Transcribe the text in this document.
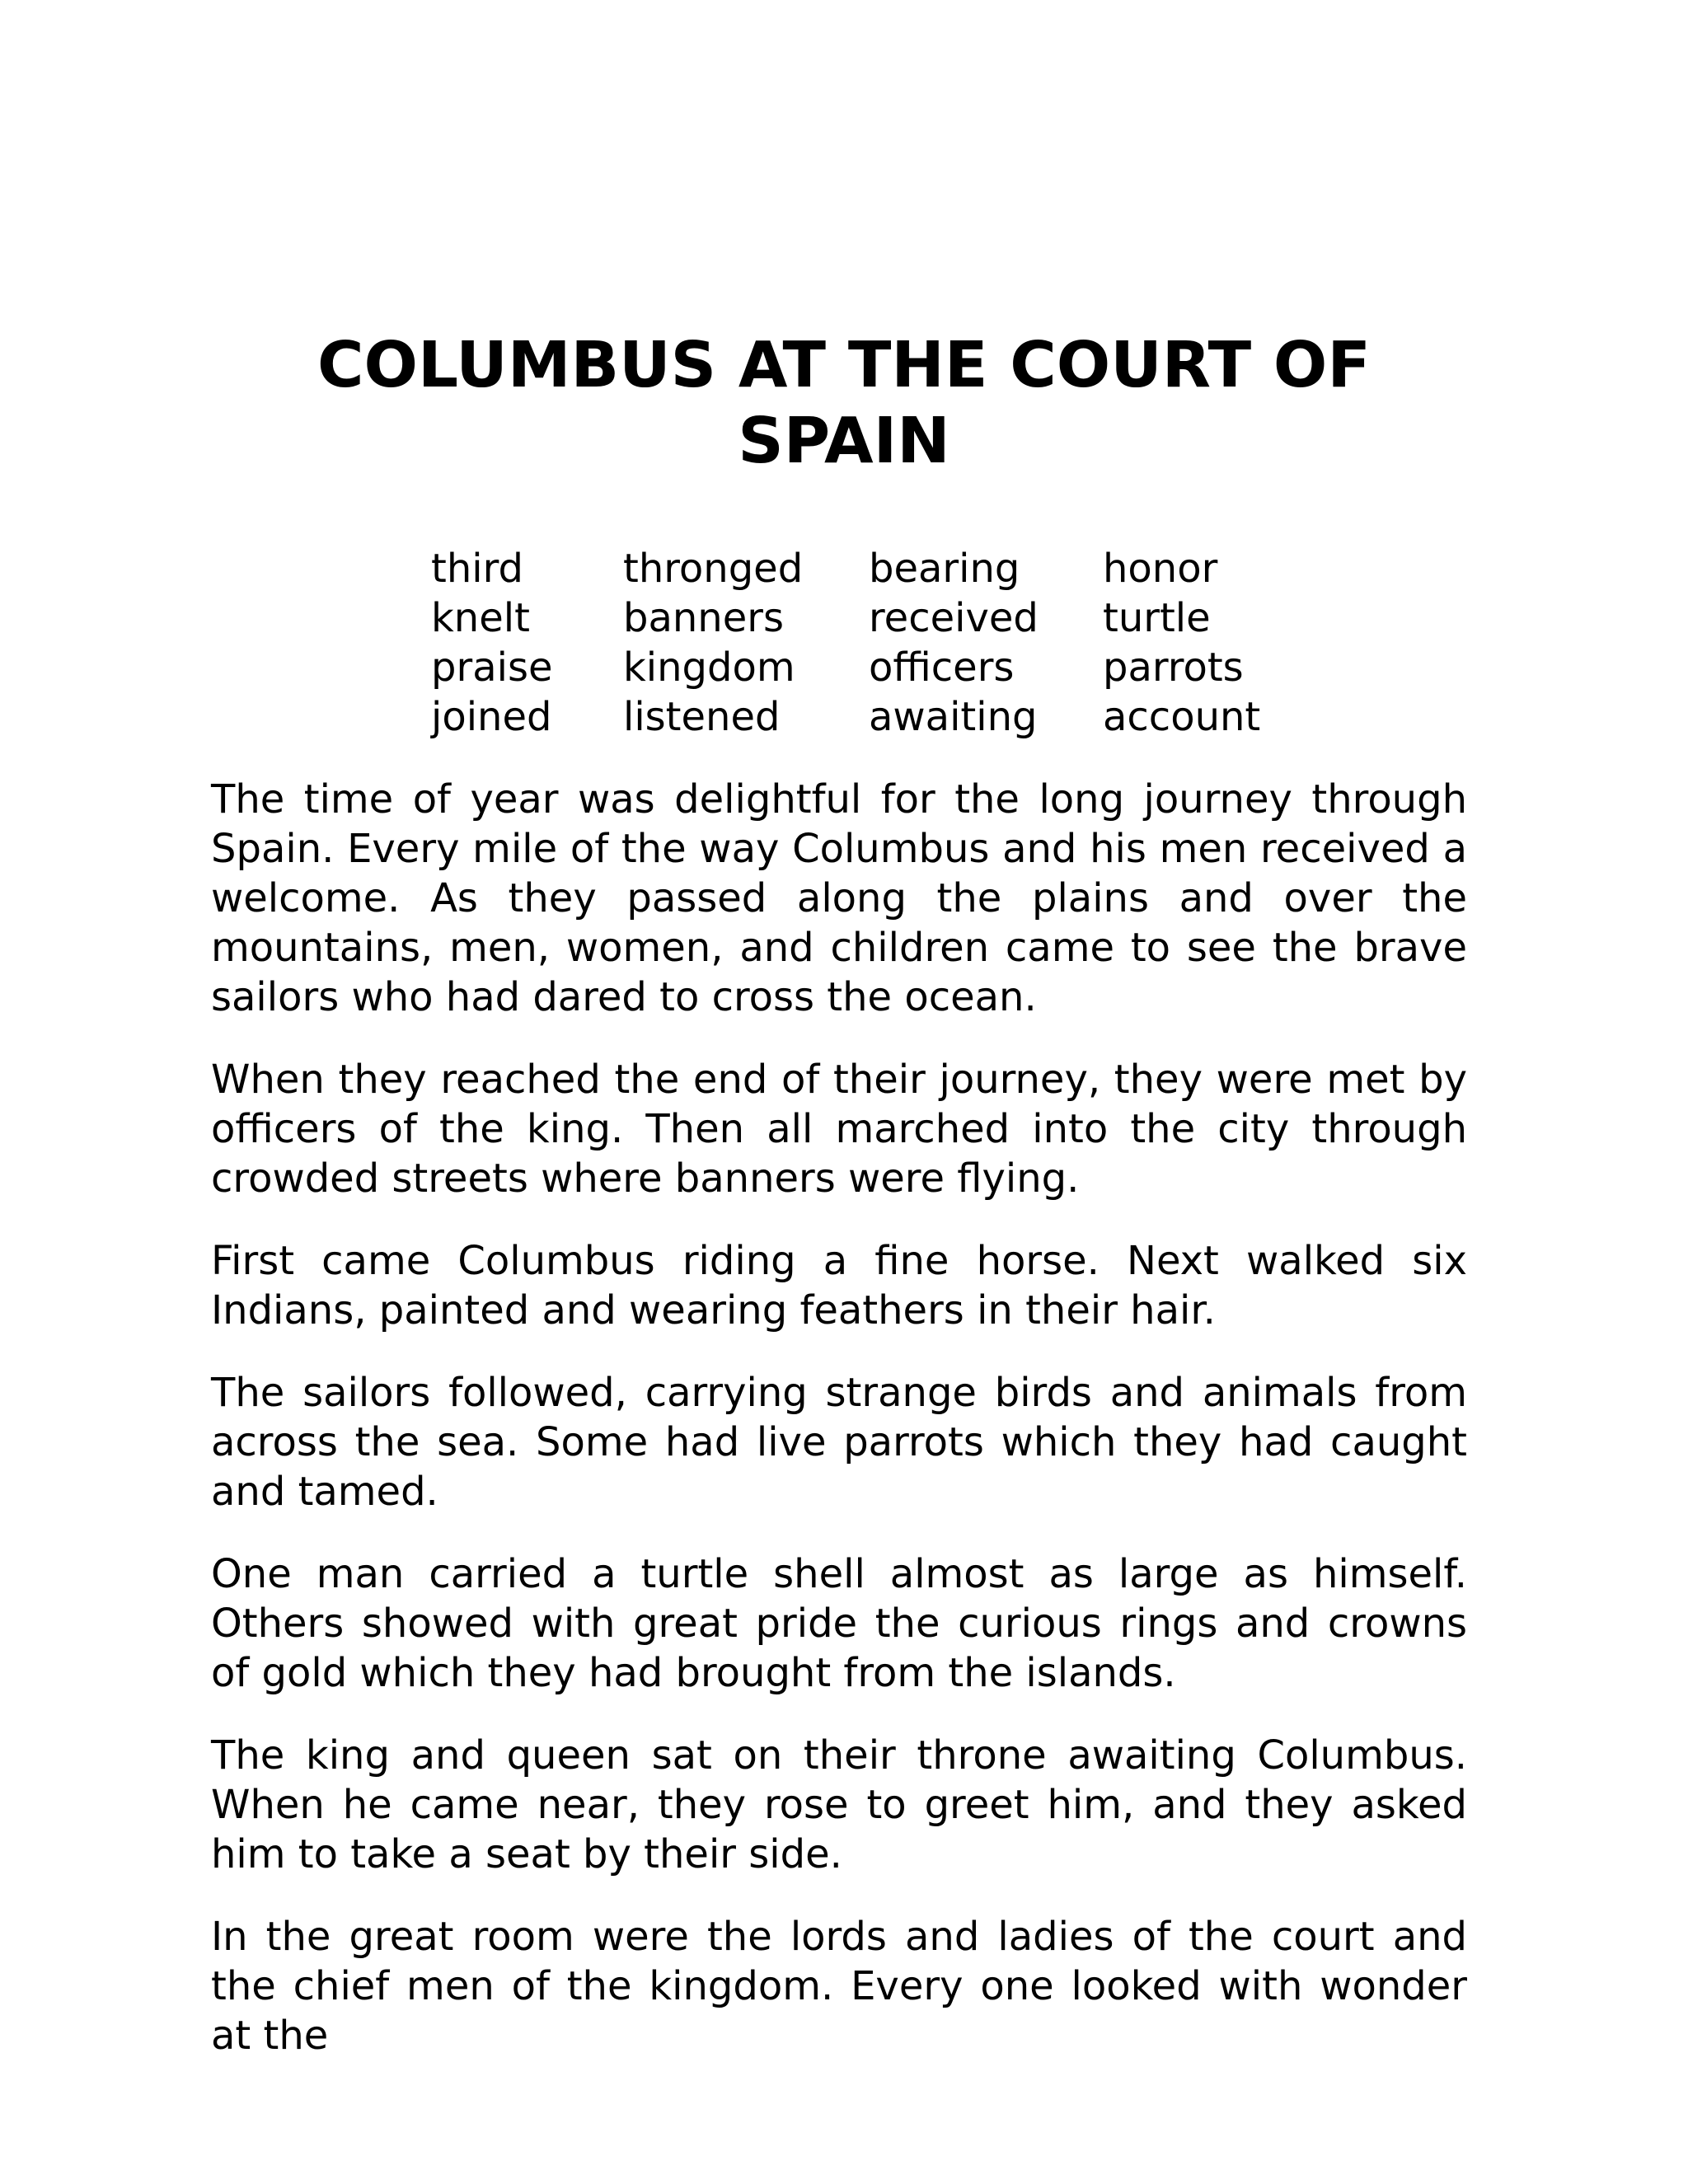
COLUMBUS AT THE COURT OF
SPAIN
third	thronged	bearing	honor
knelt	banners	received	turtle
praise	kingdom	officers	parrots
joined	listened	awaiting	account

The time of year was delightful for the long journey through Spain. Every mile of the way Columbus and his men received a welcome. As they passed along the plains and over the mountains, men, women, and children came to see the brave sailors who had dared to cross the ocean.

When they reached the end of their journey, they were met by officers of the king. Then all marched into the city through crowded streets where banners were flying.

First came Columbus riding a fine horse. Next walked six Indians, painted and wearing feathers in their hair.

The sailors followed, carrying strange birds and animals from across the sea. Some had live parrots which they had caught and tamed.

One man carried a turtle shell almost as large as himself. Others showed with great pride the curious rings and crowns of gold which they had brought from the islands.

The king and queen sat on their throne awaiting Columbus. When he came near, they rose to greet him, and they asked him to take a seat by their side.

In the great room were the lords and ladies of the court and the chief men of the kingdom. Every one looked with wonder at the
